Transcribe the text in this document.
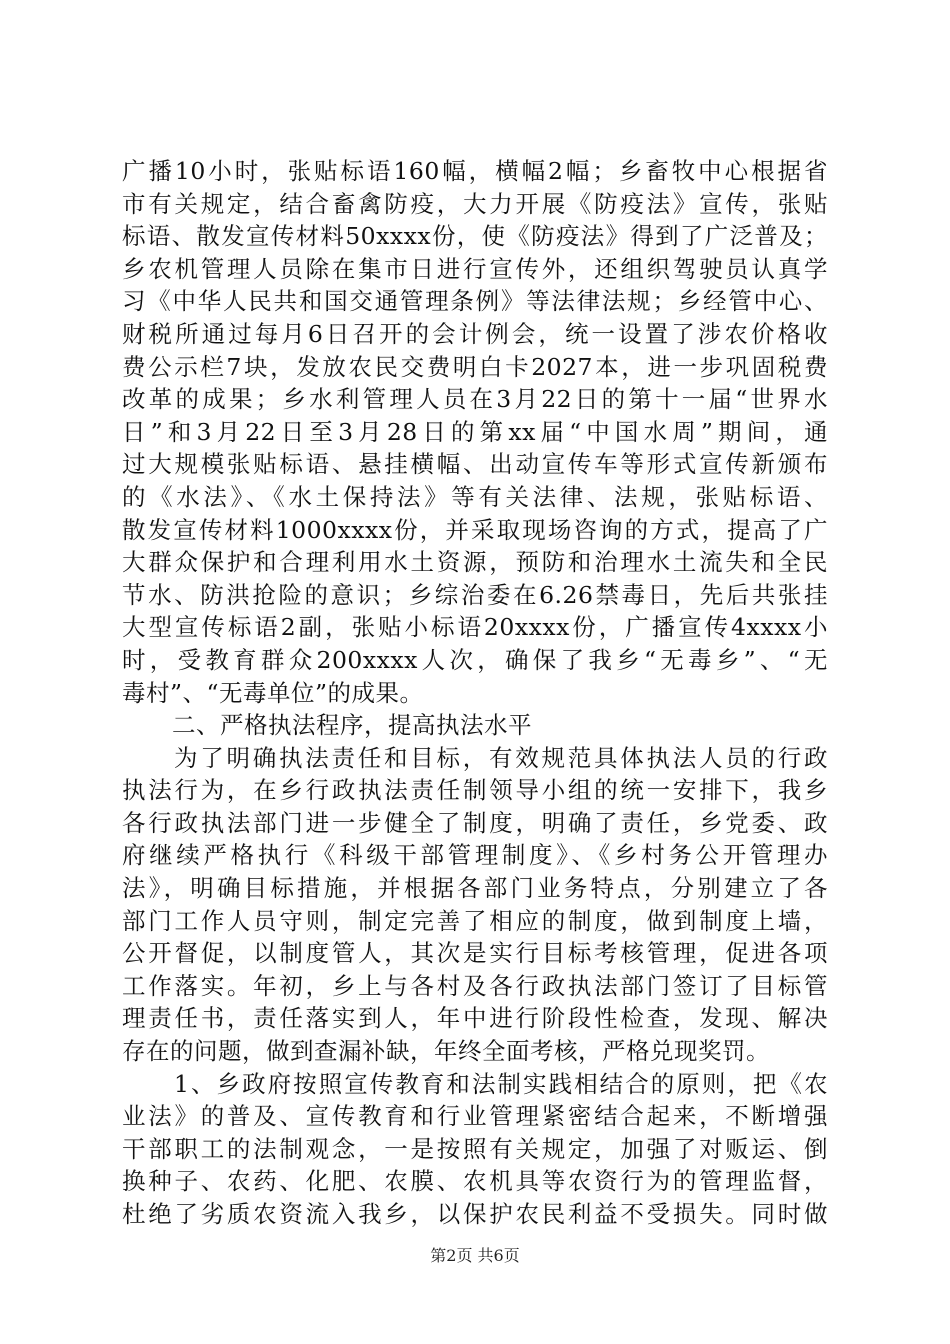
广播10小时，张贴标语160幅，横幅2幅；乡畜牧中心根据省
市有关规定，结合畜禽防疫，大力开展《防疫法》宣传，张贴
标语、散发宣传材料50xxxx份，使《防疫法》得到了广泛普及；
乡农机管理人员除在集市日进行宣传外，还组织驾驶员认真学
习《中华人民共和国交通管理条例》等法律法规；乡经管中心、
财税所通过每月6日召开的会计例会，统一设置了涉农价格收
费公示栏7块，发放农民交费明白卡2027本，进一步巩固税费
改革的成果；乡水利管理人员在3月22日的第十一届“世界水
日”和3月22日至3月28日的第xx届“中国水周”期间，通
过大规模张贴标语、悬挂横幅、出动宣传车等形式宣传新颁布
的《水法》、《水土保持法》等有关法律、法规，张贴标语、
散发宣传材料1000xxxx份，并采取现场咨询的方式，提高了广
大群众保护和合理利用水土资源，预防和治理水土流失和全民
节水、防洪抢险的意识；乡综治委在6.26禁毒日，先后共张挂
大型宣传标语2副，张贴小标语20xxxx份，广播宣传4xxxx小
时，受教育群众200xxxx人次，确保了我乡“无毒乡”、“无
毒村”、“无毒单位”的成果。
二、严格执法程序，提高执法水平
为了明确执法责任和目标，有效规范具体执法人员的行政
执法行为，在乡行政执法责任制领导小组的统一安排下，我乡
各行政执法部门进一步健全了制度，明确了责任，乡党委、政
府继续严格执行《科级干部管理制度》、《乡村务公开管理办
法》，明确目标措施，并根据各部门业务特点，分别建立了各
部门工作人员守则，制定完善了相应的制度，做到制度上墙，
公开督促，以制度管人，其次是实行目标考核管理，促进各项
工作落实。年初，乡上与各村及各行政执法部门签订了目标管
理责任书，责任落实到人，年中进行阶段性检查，发现、解决
存在的问题，做到查漏补缺，年终全面考核，严格兑现奖罚。
1、乡政府按照宣传教育和法制实践相结合的原则，把《农
业法》的普及、宣传教育和行业管理紧密结合起来，不断增强
干部职工的法制观念，一是按照有关规定，加强了对贩运、倒
换种子、农药、化肥、农膜、农机具等农资行为的管理监督，
杜绝了劣质农资流入我乡，以保护农民利益不受损失。同时做
第2页 共6页
